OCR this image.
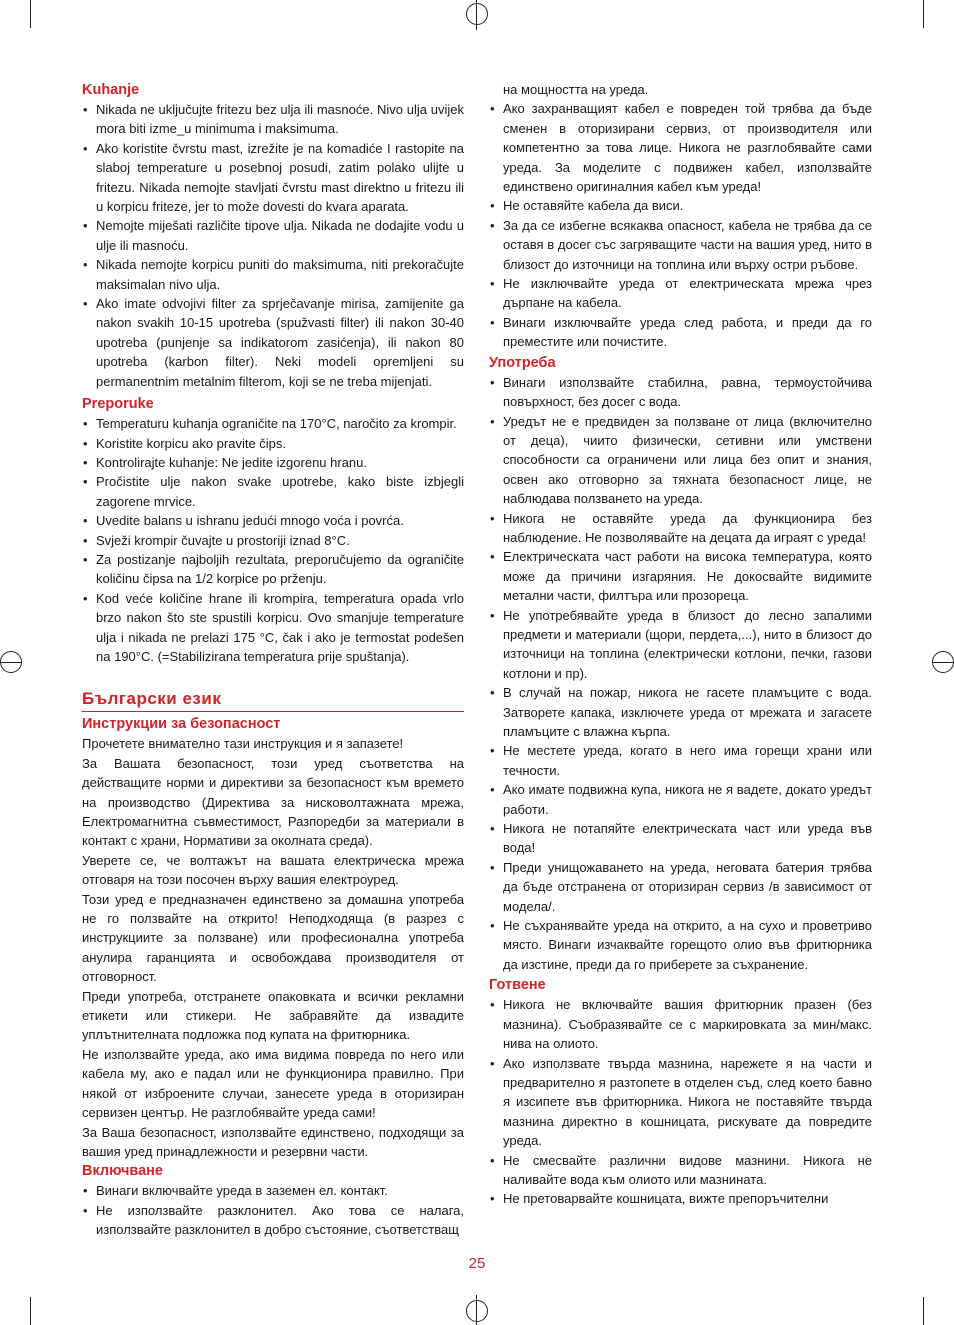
Kuhanje
• Nikada ne uključujte fritezu bez ulja ili masnoće. Nivo ulja uvijek mora biti izme_u minimuma i maksimuma.
• Ako koristite čvrstu mast, izrežite je na komadiće I rastopite na slaboj temperature u posebnoj posudi, zatim polako ulijte u fritezu. Nikada nemojte stavljati čvrstu mast direktno u fritezu ili u korpicu friteze, jer to može dovesti do kvara aparata.
• Nemojte miješati različite tipove ulja. Nikada ne dodajite vodu u ulje ili masnoću.
• Nikada nemojte korpicu puniti do maksimuma, niti prekoračujte maksimalan nivo ulja.
• Ako imate odvojivi filter za sprječavanje mirisa, zamijenite ga nakon svakih 10-15 upotreba (spužvasti filter) ili nakon 30-40 upotreba (punjenje sa indikatorom zasićenja), ili nakon 80 upotreba (karbon filter). Neki modeli opremljeni su permanentnim metalnim filterom, koji se ne treba mijenjati.
Preporuke
• Temperaturu kuhanja ograničite na 170°C, naročito za krompir.
• Koristite korpicu ako pravite čips.
• Kontrolirajte kuhanje: Ne jedite izgorenu hranu.
• Pročistite ulje nakon svake upotrebe, kako biste izbjegli zagorene mrvice.
• Uvedite balans u ishranu jedući mnogo voća i povrća.
• Svježi krompir čuvajte u prostoriji iznad 8°C.
• Za postizanje najboljih rezultata, preporučujemo da ograničite količinu čipsa na 1/2 korpice po prženju.
• Kod veće količine hrane ili krompira, temperatura opada vrlo brzo nakon što ste spustili korpicu. Ovo smanjuje temperature ulja i nikada ne prelazi 175 °C, čak i ako je termostat podešen na 190°C. (=Stabilizirana temperatura prije spuštanja).
Български език
Инструкции за безопасност

Прочетете внимателно тази инструкция и я запазете!

За Вашата безопасност, този уред съответства на действащите норми и директиви за безопасност към времето на производство (Директива за нисковолтажната мрежа, Електромагнитна съвместимост, Разпоредби за материали в контакт с храни, Нормативи за околната среда).

Уверете се, че волтажът на вашата електрическа мрежа отговаря на този посочен върху вашия електроуред.

Този уред е предназначен единствено за домашна употреба не го ползвайте на открито! Неподходяща (в разрез с инструкциите за ползване) или професионална употреба анулира гаранцията и освобождава производителя от отговорност.

Преди употреба, отстранете опаковката и всички рекламни етикети или стикери. Не забравяйте да извадите уплътнителната подложка под купата на фритюрника.

Не използвайте уреда, ако има видима повреда по него или кабела му, ако е падал или не функционира правилно. При някой от изброените случаи, занесете уреда в оторизиран сервизен център. Не разглобявайте уреда сами!

За Ваша безопасност, използвайте единствено, подходящи за вашия уред принадлежности и резервни части.

Включване
• Винаги включвайте уреда в заземен ел. контакт.
• Не използвайте разклонител. Ако това се налага, използвайте разклонител в добро състояние, съответстващ
на мощността на уреда.
• Ако захранващият кабел е повреден той трябва да бъде сменен в оторизирани сервиз, от производителя или компетентно за това лице. Никога не разглобявайте сами уреда. За моделите с подвижен кабел, използвайте единствено оригиналния кабел към уреда!
• Не оставяйте кабела да виси.
• За да се избегне всякаква опасност, кабела не трябва да се оставя в досег със загряващите части на вашия уред, нито в близост до източници на топлина или върху остри ръбове.
• Не изключвайте уреда от електрическата мрежа чрез дърпане на кабела.
• Винаги изключвайте уреда след работа, и преди да го преместите или почистите.
Употреба
• Винаги използвайте стабилна, равна, термоустойчива повърхност, без досег с вода.
• Уредът не е предвиден за ползване от лица (включително от деца), чиито физически, сетивни или умствени способности са ограничени или лица без опит и знания, освен ако отговорно за тяхната безопасност лице, не наблюдава ползването на уреда.
• Никога не оставяйте уреда да функционира без наблюдение. Не позволявайте на децата да играят с уреда!
• Електрическата част работи на висока температура, която може да причини изгаряния. Не докосвайте видимите метални части, филтъра или прозореца.
• Не употребявайте уреда в близост до лесно запалими предмети и материали (щори, пердета,...), нито в близост до източници на топлина (електрически котлони, печки, газови котлони и пр).
• В случай на пожар, никога не гасете пламъците с вода. Затворете капака, изключете уреда от мрежата и загасете пламъците с влажна кърпа.
• Не местете уреда, когато в него има горещи храни или течности.
• Ако имате подвижна купа, никога не я вадете, докато уредът работи.
• Никога не потапяйте електрическата част или уреда във вода!
• Преди унищожаването на уреда, неговата батерия трябва да бъде отстранена от оторизиран сервиз /в зависимост от модела/.
• Не съхранявайте уреда на открито, а на сухо и проветриво място. Винаги изчаквайте горещото олио във фритюрника да изстине, преди да го приберете за съхранение.
Готвене
• Никога не включвайте вашия фритюрник празен (без мазнина). Съобразявайте се с маркировката за мин/макс. нива на олиото.
• Ако използвате твърда мазнина, нарежете я на части и предварително я разтопете в отделен съд, след което бавно я изсипете във фритюрника. Никога не поставяйте твърда мазнина директно в кошницата, рискувате да повредите уреда.
• Не смесвайте различни видове мазнини. Никога не наливайте вода към олиото или мазнината.
• Не претоварвайте кошницата, вижте препоръчителни
25
